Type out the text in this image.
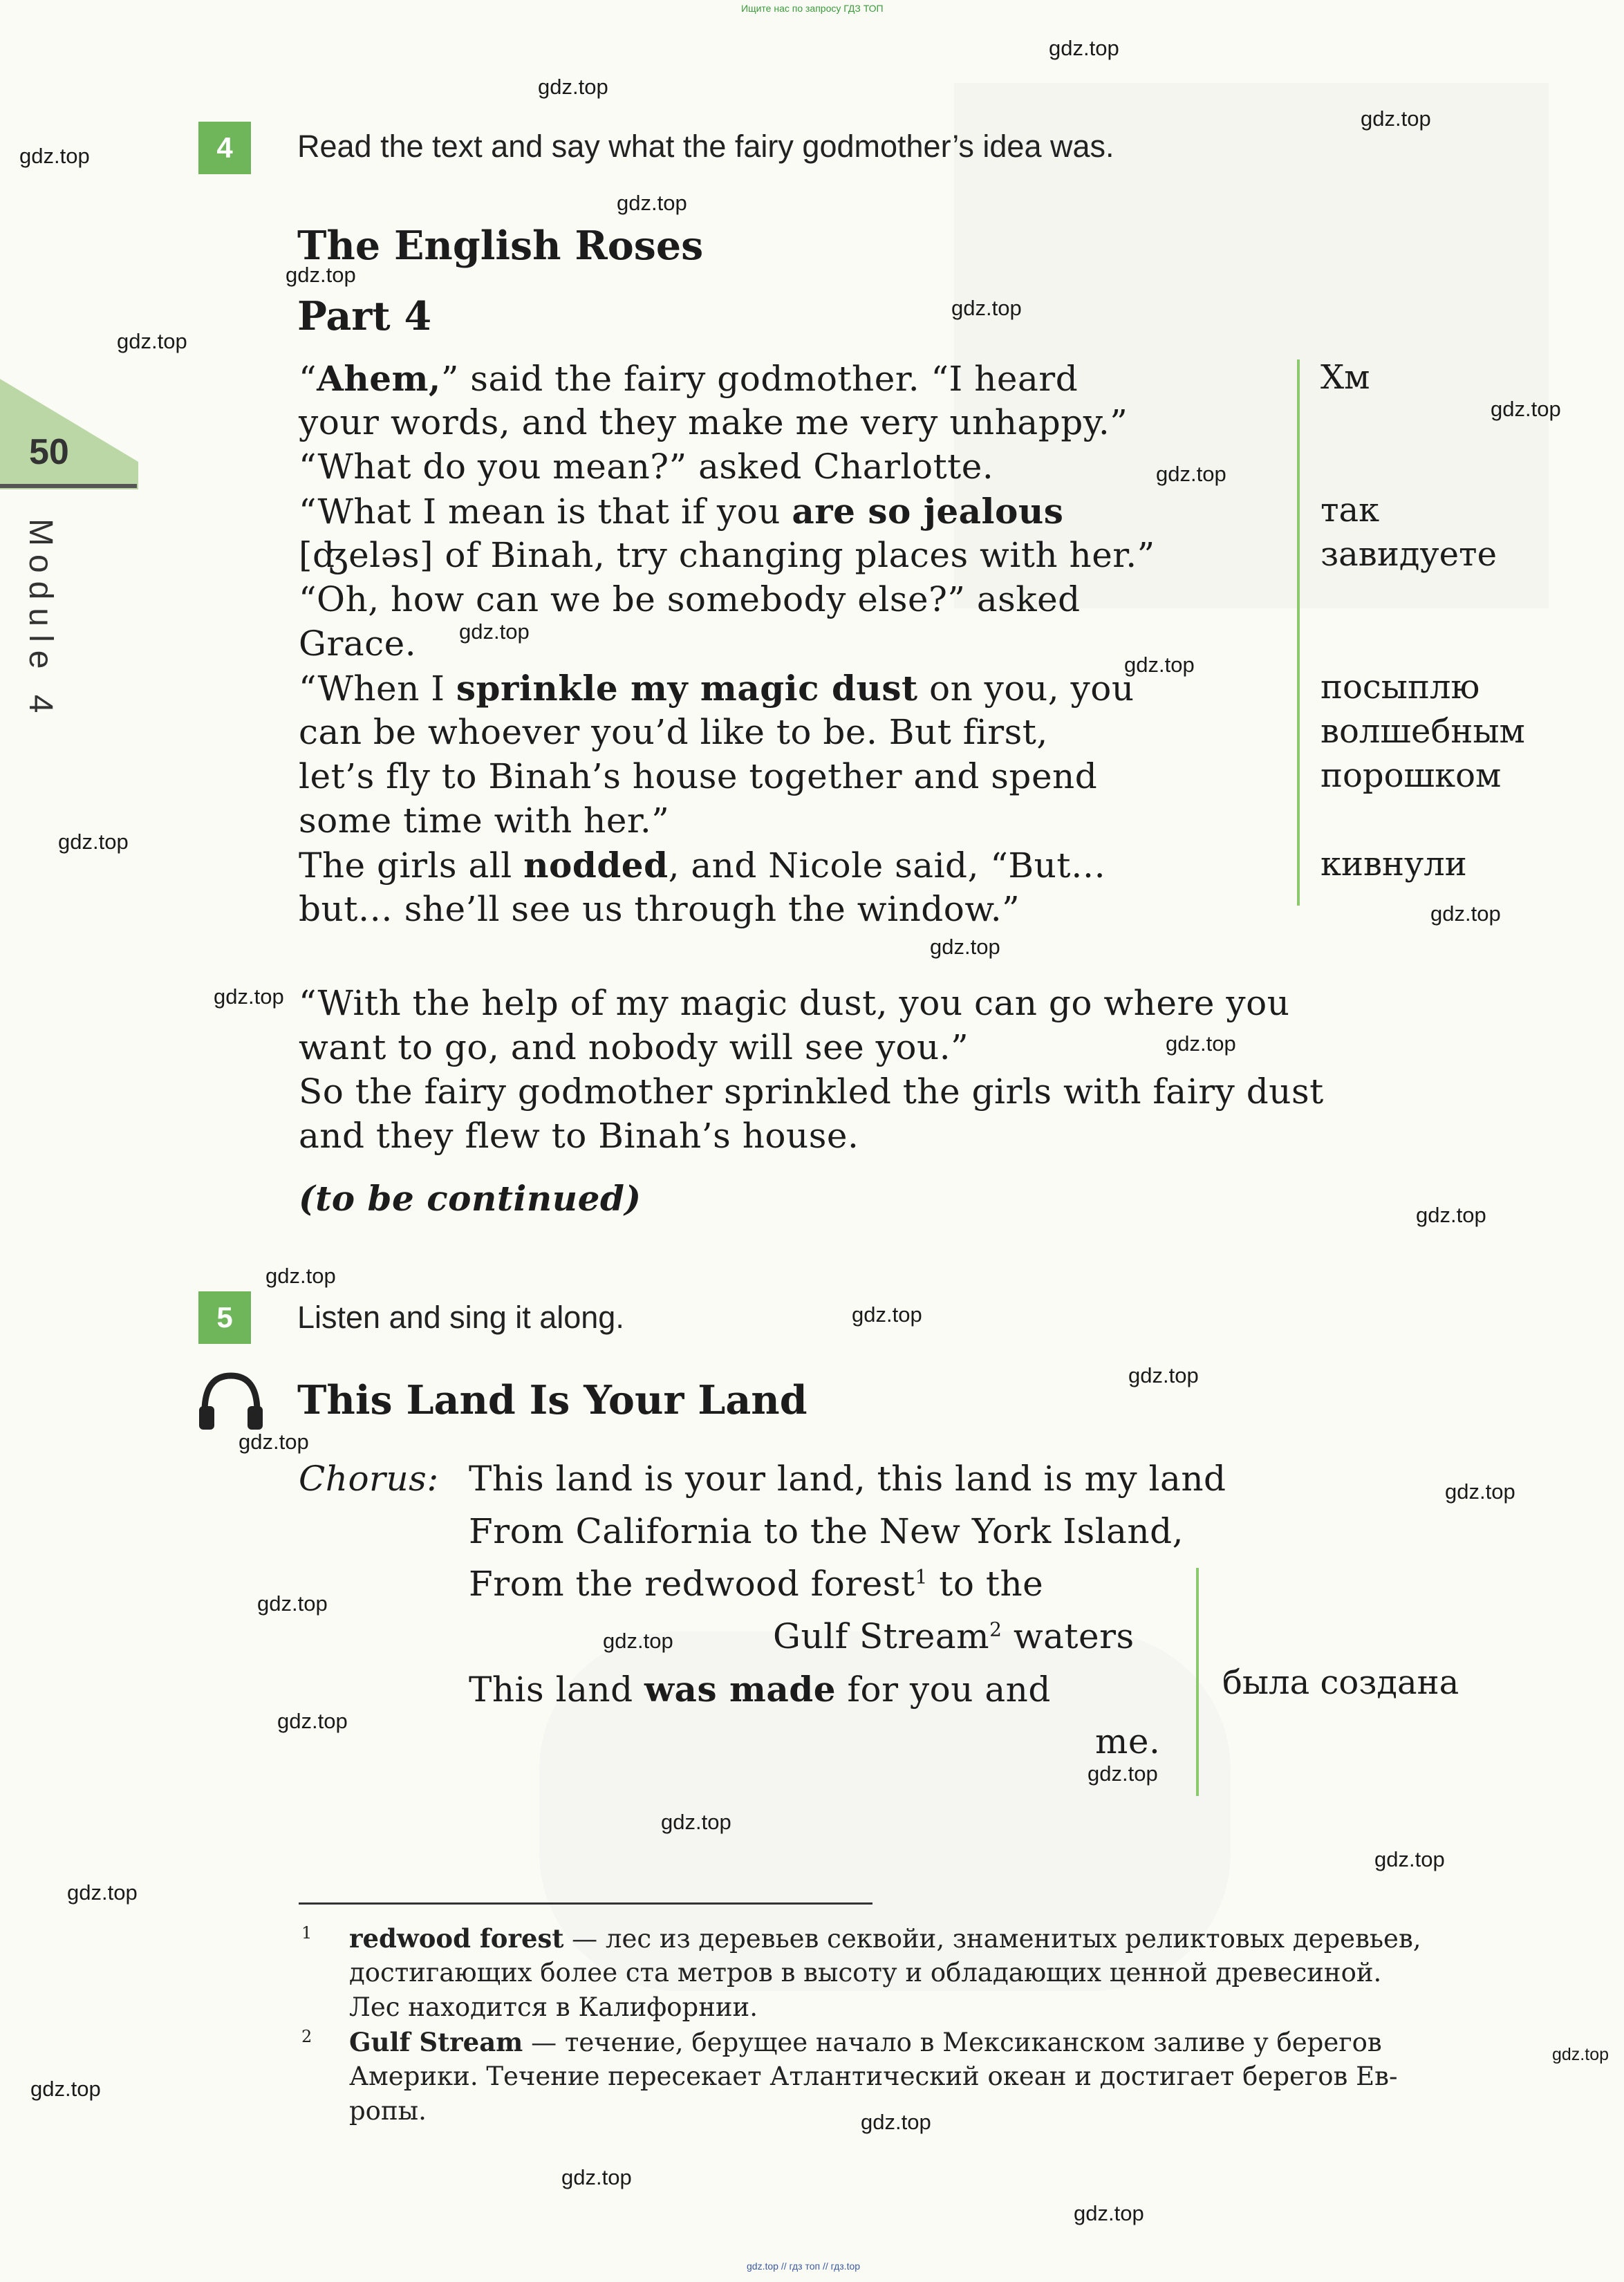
Ищите нас по запросу ГДЗ ТОП
50
Module 4
4	Read the text and say what the fairy godmother’s idea was.
The English Roses
Part 4
“Ahem,” said the fairy godmother. “I heard
your words, and they make me very unhappy.”
“What do you mean?” asked Charlotte.
“What I mean is that if you are so jealous
[ʤeləs] of Binah, try changing places with her.”
“Oh, how can we be somebody else?” asked
Grace.
“When I sprinkle my magic dust on you, you
can be whoever you’d like to be. But first,
let’s fly to Binah’s house together and spend
some time with her.”
The girls all nodded, and Nicole said, “But…
but… she’ll see us through the window.”
“With the help of my magic dust, you can go where you
want to go, and nobody will see you.”
So the fairy godmother sprinkled the girls with fairy dust
and they flew to Binah’s house.
(to be continued)
Хм
так
завидуете
посыплю
волшебным
порошком
кивнули
5	Listen and sing it along.
This Land Is Your Land
Chorus: This land is your land, this land is my land
From California to the New York Island,
From the redwood forest$^1$ to the
Gulf Stream$^2$ waters
This land was made for you and
me.
была создана
1 redwood forest — лес из деревьев секвойи, знаменитых реликтовых деревьев,
достигающих более ста метров в высоту и обладающих ценной древесиной.
Лес находится в Калифорнии.
2 Gulf Stream — течение, берущее начало в Мексиканском заливе у берегов
Америки. Течение пересекает Атлантический океан и достигает берегов Ев-
ропы.
gdz.top // гдз топ // гдз.top
gdz.top
gdz.top
gdz.top
gdz.top
gdz.top
gdz.top
gdz.top
gdz.top
gdz.top
gdz.top
gdz.top
gdz.top
gdz.top
gdz.top
gdz.top
gdz.top
gdz.top
gdz.top
gdz.top
gdz.top
gdz.top
gdz.top
gdz.top
gdz.top
gdz.top
gdz.top
gdz.top
gdz.top
gdz.top
gdz.top
gdz.top
gdz.top
gdz.top
gdz.top
gdz.top
